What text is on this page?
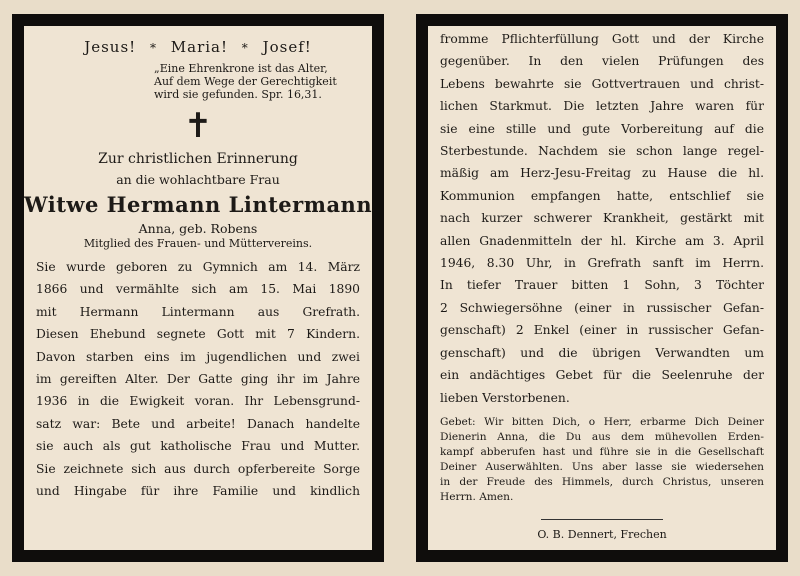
Jesus! * Maria! * Josef!
„Eine Ehrenkrone ist das Alter,
Auf dem Wege der Gerechtigkeit
wird sie gefunden. Spr. 16,31.
✝
Zur christlichen Erinnerung
an die wohlachtbare Frau
Witwe Hermann Lintermann
Anna, geb. Robens
Mitglied des Frauen- und Müttervereins.
Sie wurde geboren zu Gymnich am 14. März
1866 und vermählte sich am 15. Mai 1890
mit Hermann Lintermann aus Grefrath.
Diesen Ehebund segnete Gott mit 7 Kindern.
Davon starben eins im jugendlichen und zwei
im gereiften Alter. Der Gatte ging ihr im Jahre
1936 in die Ewigkeit voran. Ihr Lebensgrund-
satz war: Bete und arbeite! Danach handelte
sie auch als gut katholische Frau und Mutter.
Sie zeichnete sich aus durch opferbereite Sorge
und Hingabe für ihre Familie und kindlich
fromme Pflichterfüllung Gott und der Kirche
gegenüber. In den vielen Prüfungen des
Lebens bewahrte sie Gottvertrauen und christ-
lichen Starkmut. Die letzten Jahre waren für
sie eine stille und gute Vorbereitung auf die
Sterbestunde. Nachdem sie schon lange regel-
mäßig am Herz-Jesu-Freitag zu Hause die hl.
Kommunion empfangen hatte, entschlief sie
nach kurzer schwerer Krankheit, gestärkt mit
allen Gnadenmitteln der hl. Kirche am 3. April
1946, 8.30 Uhr, in Grefrath sanft im Herrn.
In tiefer Trauer bitten 1 Sohn, 3 Töchter
2 Schwiegersöhne (einer in russischer Gefan-
genschaft) 2 Enkel (einer in russischer Gefan-
genschaft) und die übrigen Verwandten um
ein andächtiges Gebet für die Seelenruhe der
lieben Verstorbenen.
Gebet: Wir bitten Dich, o Herr, erbarme Dich Deiner
Dienerin Anna, die Du aus dem mühevollen Erden-
kampf abberufen hast und führe sie in die Gesellschaft
Deiner Auserwählten. Uns aber lasse sie wiedersehen
in der Freude des Himmels, durch Christus, unseren
Herrn. Amen.
O. B. Dennert, Frechen
